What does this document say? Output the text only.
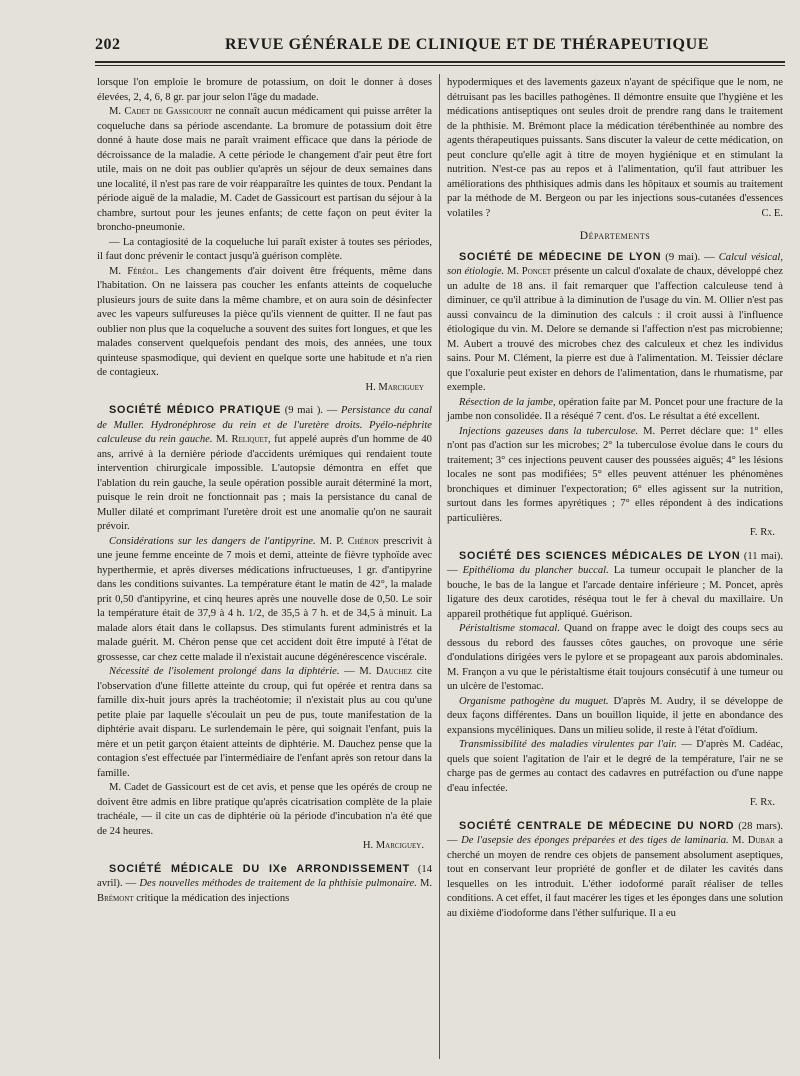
202	REVUE GÉNÉRALE DE CLINIQUE ET DE THÉRAPEUTIQUE

lorsque l'on emploie le bromure de potassium, on doit le donner à doses élevées, 2, 4, 6, 8 gr. par jour selon l'âge du madade.

M. Cadet de Gassicourt ne connaît aucun médicament qui puisse arrêter la coqueluche dans sa période ascendante. La bromure de potassium doit être donné à haute dose mais ne paraît vraiment efficace que dans la période de décroissance de la maladie. A cette période le changement d'air peut être fort utile, mais on ne doit pas oublier qu'après un séjour de deux semaines dans une localité, il n'est pas rare de voir réapparaître les quintes de toux. Pendant la période aiguë de la maladie, M. Cadet de Gassicourt est partisan du séjour à la chambre, surtout pour les jeunes enfants; de cette façon on peut éviter la broncho-pneumonie.

— La contagiosité de la coqueluche lui paraît exister à toutes ses périodes, il faut donc prévenir le contact jusqu'à guérison complète.

M. Féréol. Les changements d'air doivent être fréquents, même dans l'habitation. On ne laissera pas coucher les enfants atteints de coqueluche plusieurs jours de suite dans la même chambre, et on aura soin de désinfecter avec les vapeurs sulfureuses la pièce qu'ils viennent de quitter. Il ne faut pas oublier non plus que la coqueluche a souvent des suites fort longues, et que les malades conservent quelquefois pendant des mois, des années, une toux quinteuse spasmodique, qui devient en quelque sorte une habitude et n'a rien de contagieux.

H. Marciguey

SOCIÉTÉ MÉDICO PRATIQUE (9 mai ). — Persistance du canal de Muller. Hydronéphrose du rein et de l'uretère droits. Pyélo-néphrite calculeuse du rein gauche. M. Reliquet, fut appelé auprès d'un homme de 40 ans, arrivé à la dernière période d'accidents urémiques qui rendaient toute intervention chirurgicale impossible. L'autopsie démontra en effet que l'ablation du rein gauche, la seule opération possible aurait déterminé la mort, puisque le rein droit ne fonctionnait pas ; mais la persistance du canal de Muller dilaté et comprimant l'uretère droit est une anomalie qu'on ne saurait prévoir.

Considérations sur les dangers de l'antipyrine. M. P. Chéron prescrivit à une jeune femme enceinte de 7 mois et demi, atteinte de fièvre typhoïde avec hyperthermie, et après diverses médications infructueuses, 1 gr. d'antipyrine dans les conditions suivantes. La température étant le matin de 42°, la malade prit 0,50 d'antipyrine, et cinq heures après une nouvelle dose de 0,50. Le soir la température était de 37,9 à 4 h. 1/2, de 35,5 à 7 h. et de 34,5 à minuit. La malade alors était dans le collapsus. Des stimulants furent administrés et la malade guérit. M. Chéron pense que cet accident doit être imputé à l'état de grossesse, car chez cette malade il n'existait aucune dégénérescence viscérale.

Nécessité de l'isolement prolongé dans la diphtérie. — M. Dauchez cite l'observation d'une fillette atteinte du croup, qui fut opérée et rentra dans sa famille dix-huit jours après la trachéotomie; il n'existait plus au cou qu'une petite plaie par laquelle s'écoulait un peu de pus, toute manifestation de la diphtérie avait disparu. Le surlendemain le père, qui soignait l'enfant, puis la mère et un petit garçon étaient atteints de diphtérie. M. Dauchez pense que la contagion s'est effectuée par l'intermédiaire de l'enfant après son retour dans la famille.

M. Cadet de Gassicourt est de cet avis, et pense que les opérés de croup ne doivent être admis en libre pratique qu'après cicatrisation complète de la plaie trachéale, — il cite un cas de diphtérie où la période d'incubation n'a été que de 24 heures.

H. Marciguey.

SOCIÉTÉ MÉDICALE DU IXe ARRONDISSEMENT (14 avril). — Des nouvelles méthodes de traitement de la phthisie pulmonaire. M. Brémont critique la médication des injections

hypodermiques et des lavements gazeux n'ayant de spécifique que le nom, ne détruisant pas les bacilles pathogènes. Il démontre ensuite que l'hygiène et les médications antiseptiques ont seules droit de prendre rang dans le traitement de la phthisie. M. Brémont place la médication térébenthinée au nombre des agents thérapeutiques puissants. Sans discuter la valeur de cette médication, on peut conclure qu'elle agit à titre de moyen hygiénique et en stimulant la nutrition. N'est-ce pas au repos et à l'alimentation, qu'il faut attribuer les améliorations des phthisiques admis dans les hôpitaux et soumis au traitement par la méthode de M. Bergeon ou par les injections sous-cutanées d'essences volatiles ?	C. E.

Départements

SOCIÉTÉ DE MÉDECINE DE LYON (9 mai). — Calcul vésical, son étiologie. M. Poncet présente un calcul d'oxalate de chaux, développé chez un adulte de 18 ans. il fait remarquer que l'affection calculeuse tend à diminuer, ce qu'il attribue à la diminution de l'usage du vin. M. Ollier n'est pas aussi convaincu de la diminution des calculs : il croit aussi à l'influence étiologique du vin. M. Delore se demande si l'affection n'est pas microbienne; M. Aubert a trouvé des microbes chez des calculeux et chez les individus sains. Pour M. Clément, la pierre est due à l'alimentation. M. Teissier déclare que l'oxalurie peut exister en dehors de l'alimentation, dans le rhumatisme, par exemple.

Résection de la jambe, opération faite par M. Poncet pour une fracture de la jambe non consolidée. Il a réséqué 7 cent. d'os. Le résultat a été excellent.

Injections gazeuses dans la tuberculose. M. Perret déclare que: 1° elles n'ont pas d'action sur les microbes; 2° la tuberculose évolue dans le cours du traitement; 3° ces injections peuvent causer des poussées aiguës; 4° les lésions locales ne sont pas modifiées; 5° elles peuvent atténuer les phénomènes bronchiques et diminuer l'expectoration; 6° elles agissent sur la nutrition, surtout dans les formes apyrétiques ; 7° elles répondent à des indications particulières.

F. Rx.

SOCIÉTÉ DES SCIENCES MÉDICALES DE LYON (11 mai). — Epithélioma du plancher buccal. La tumeur occupait le plancher de la bouche, le bas de la langue et l'arcade dentaire inférieure ; M. Poncet, après ligature des deux carotides, réséqua tout le fer à cheval du maxillaire. Un appareil prothétique fut appliqué. Guérison.

Péristaltisme stomacal. Quand on frappe avec le doigt des coups secs au dessous du rebord des fausses côtes gauches, on provoque une série d'ondulations dirigées vers le pylore et se propageant aux parois abdominales. M. Françon a vu que le péristaltisme était toujours consécutif à une tumeur ou un ulcère de l'estomac.

Organisme pathogène du muguet. D'après M. Audry, il se développe de deux façons différentes. Dans un bouillon liquide, il jette en abondance des expansions mycéliniques. Dans un milieu solide, il reste à l'état d'oïdium.

Transmissibilité des maladies virulentes par l'air. — D'après M. Cadéac, quels que soient l'agitation de l'air et le degré de la température, l'air ne se charge pas de germes au contact des cadavres en putréfaction ou d'une nappe d'eau infectée.

F. Rx.

SOCIÉTÉ CENTRALE DE MÉDECINE DU NORD (28 mars). — De l'asepsie des éponges préparées et des tiges de laminaria. M. Dubar a cherché un moyen de rendre ces objets de pansement absolument aseptiques, tout en conservant leur propriété de gonfler et de dilater les cavités dans lesquelles on les introduit. L'éther iodoformé paraît réaliser de telles conditions. A cet effet, il faut macérer les tiges et les éponges dans une solution au dixième d'iodoforme dans l'éther sulfurique. Il a eu
